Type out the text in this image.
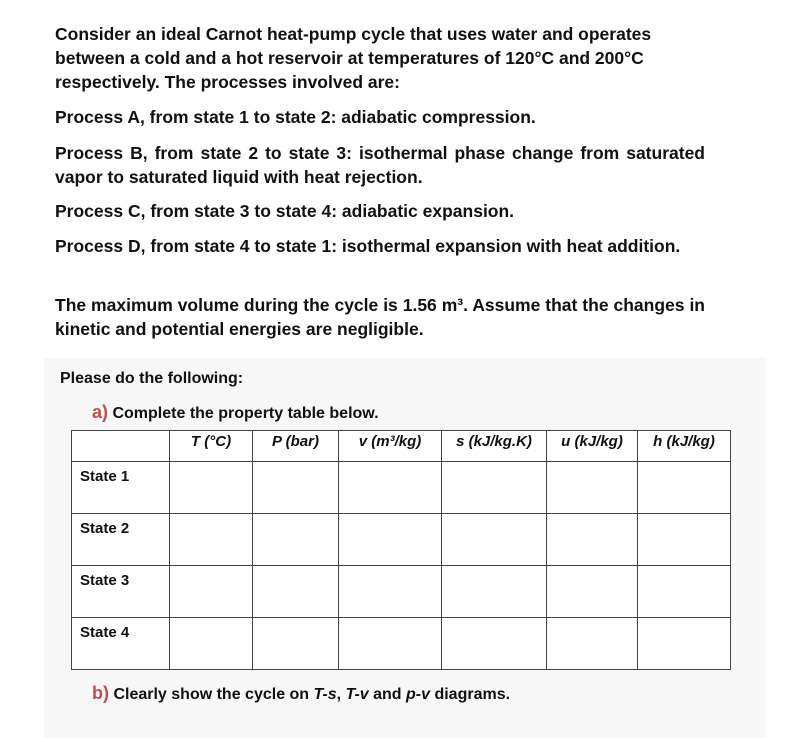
Consider an ideal Carnot heat-pump cycle that uses water and operates between a cold and a hot reservoir at temperatures of 120°C and 200°C respectively. The processes involved are:

Process A, from state 1 to state 2: adiabatic compression.

Process B, from state 2 to state 3: isothermal phase change from saturated vapor to saturated liquid with heat rejection.

Process C, from state 3 to state 4: adiabatic expansion.

Process D, from state 4 to state 1: isothermal expansion with heat addition.

The maximum volume during the cycle is 1.56 m³. Assume that the changes in kinetic and potential energies are negligible.

Please do the following:

a) Complete the property table below.

	T (°C)	P (bar)	v (m³/kg)	s (kJ/kg.K)	u (kJ/kg)	h (kJ/kg)
State 1						
State 2						
State 3						
State 4						

b) Clearly show the cycle on T-s, T-v and p-v diagrams.
